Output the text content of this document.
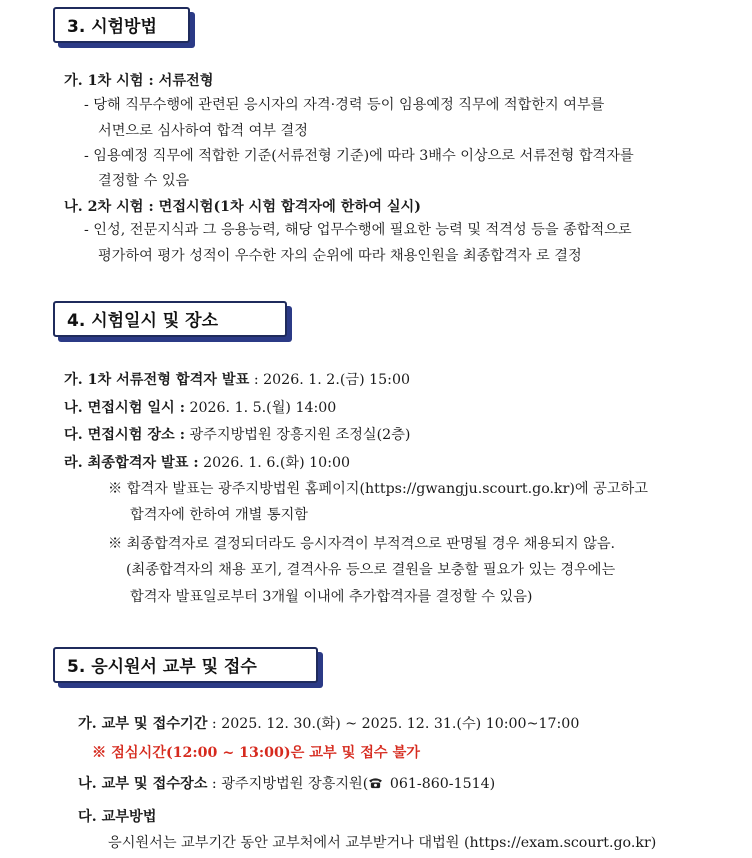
3. 시험방법
가. 1차 시험 : 서류전형
- 당해 직무수행에 관련된 응시자의 자격·경력 등이 임용예정 직무에 적합한지 여부를
서면으로 심사하여 합격 여부 결정
- 임용예정 직무에 적합한 기준(서류전형 기준)에 따라 3배수 이상으로 서류전형 합격자를
결정할 수 있음
나. 2차 시험 : 면접시험(1차 시험 합격자에 한하여 실시)
- 인성, 전문지식과 그 응용능력, 해당 업무수행에 필요한 능력 및 적격성 등을 종합적으로
평가하여 평가 성적이 우수한 자의 순위에 따라 채용인원을 최종합격자 로 결정
4. 시험일시 및 장소
가. 1차 서류전형 합격자 발표 : 2026. 1. 2.(금) 15:00
나. 면접시험 일시 : 2026. 1. 5.(월) 14:00
다. 면접시험 장소 : 광주지방법원 장흥지원 조정실(2층)
라. 최종합격자 발표 : 2026. 1. 6.(화) 10:00
※ 합격자 발표는 광주지방법원 홈페이지(https://gwangju.scourt.go.kr)에 공고하고
합격자에 한하여 개별 통지함
※ 최종합격자로 결정되더라도 응시자격이 부적격으로 판명될 경우 채용되지 않음.
(최종합격자의 채용 포기, 결격사유 등으로 결원을 보충할 필요가 있는 경우에는
합격자 발표일로부터 3개월 이내에 추가합격자를 결정할 수 있음)
5. 응시원서 교부 및 접수
가. 교부 및 접수기간 : 2025. 12. 30.(화) ~ 2025. 12. 31.(수) 10:00~17:00
※ 점심시간(12:00 ~ 13:00)은 교부 및 접수 불가
나. 교부 및 접수장소 : 광주지방법원 장흥지원( 061-860-1514)
다. 교부방법
응시원서는 교부기간 동안 교부처에서 교부받거나 대법원 (https://exam.scourt.go.kr)
